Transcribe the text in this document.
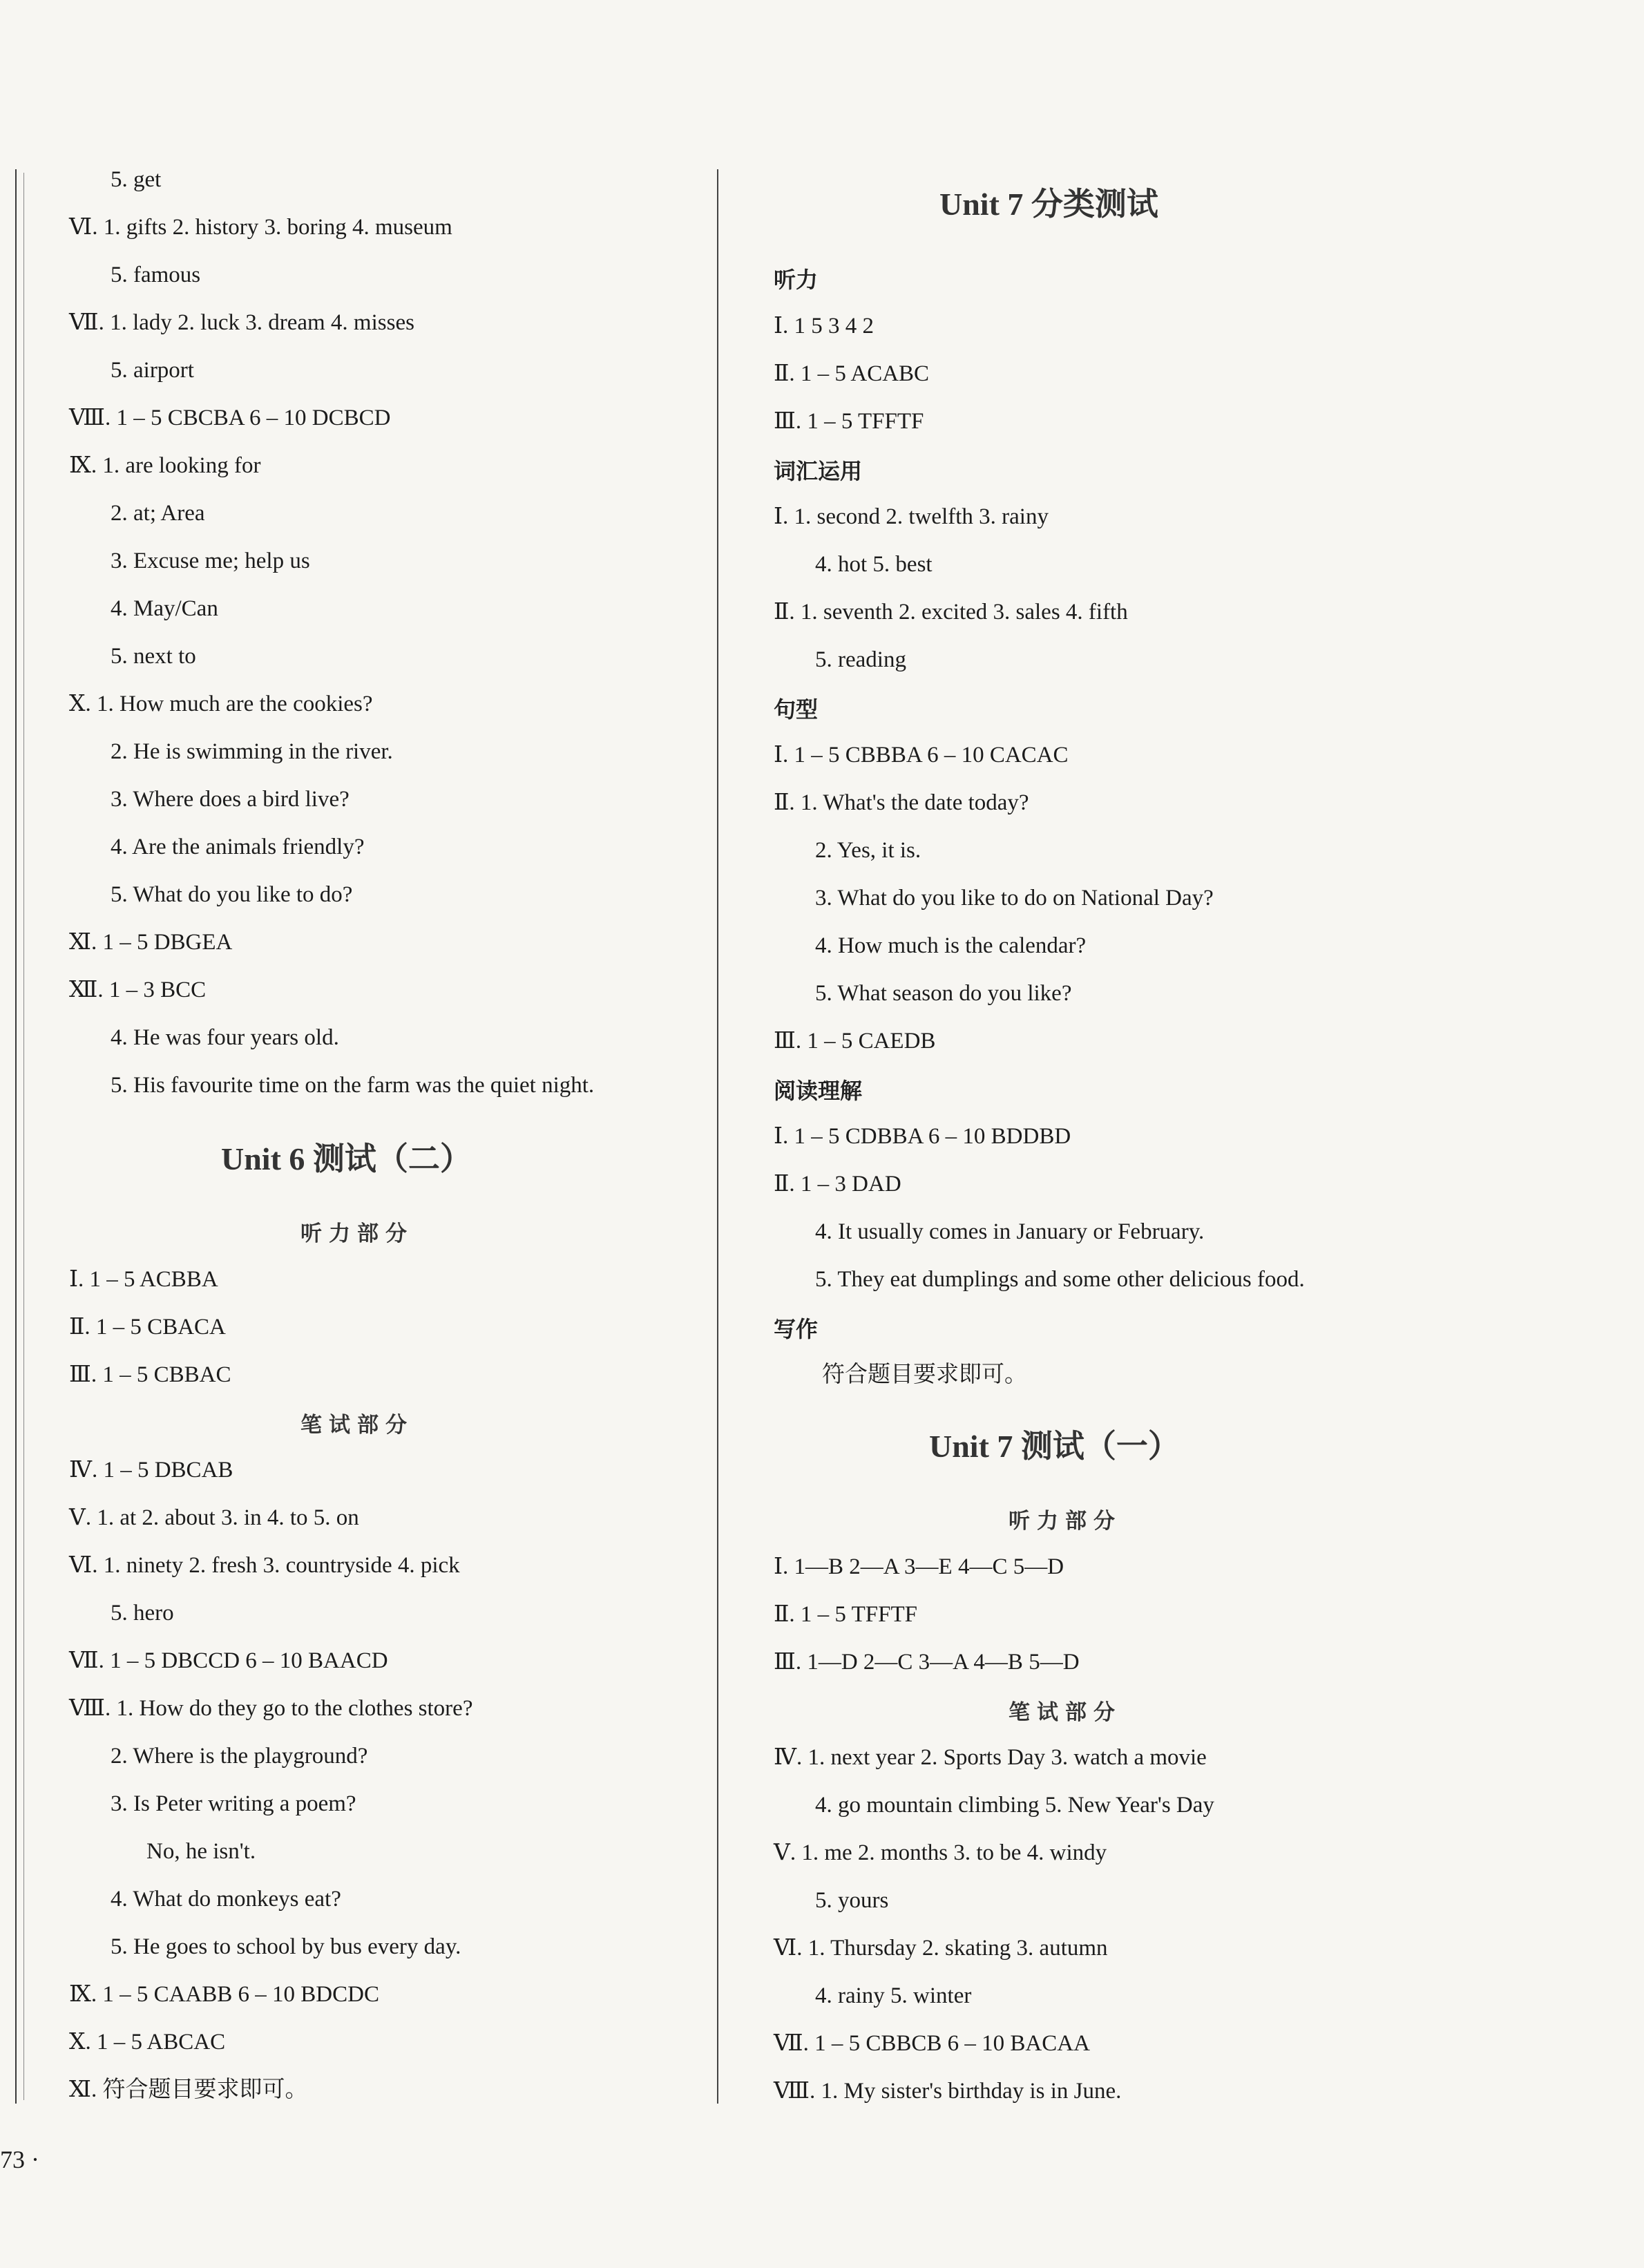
5. get
Ⅵ. 1. gifts 2. history 3. boring 4. museum
5. famous
Ⅶ. 1. lady 2. luck 3. dream 4. misses
5. airport
Ⅷ. 1 – 5 CBCBA 6 – 10 DCBCD
Ⅸ. 1. are looking for
2. at; Area
3. Excuse me; help us
4. May/Can
5. next to
Ⅹ. 1. How much are the cookies?
2. He is swimming in the river.
3. Where does a bird live?
4. Are the animals friendly?
5. What do you like to do?
Ⅺ. 1 – 5 DBGEA
Ⅻ. 1 – 3 BCC
4. He was four years old.
5. His favourite time on the farm was the quiet night.
Unit 6 测试（二）
听力部分
Ⅰ. 1 – 5 ACBBA
Ⅱ. 1 – 5 CBACA
Ⅲ. 1 – 5 CBBAC
笔试部分
Ⅳ. 1 – 5 DBCAB
Ⅴ. 1. at 2. about 3. in 4. to 5. on
Ⅵ. 1. ninety 2. fresh 3. countryside 4. pick
5. hero
Ⅶ. 1 – 5 DBCCD 6 – 10 BAACD
Ⅷ. 1. How do they go to the clothes store?
2. Where is the playground?
3. Is Peter writing a poem?
No, he isn't.
4. What do monkeys eat?
5. He goes to school by bus every day.
Ⅸ. 1 – 5 CAABB 6 – 10 BDCDC
Ⅹ. 1 – 5 ABCAC
Ⅺ. 符合题目要求即可。
Unit 7 分类测试
听力
Ⅰ. 1 5 3 4 2
Ⅱ. 1 – 5 ACABC
Ⅲ. 1 – 5 TFFTF
词汇运用
Ⅰ. 1. second 2. twelfth 3. rainy
4. hot 5. best
Ⅱ. 1. seventh 2. excited 3. sales 4. fifth
5. reading
句型
Ⅰ. 1 – 5 CBBBA 6 – 10 CACAC
Ⅱ. 1. What's the date today?
2. Yes, it is.
3. What do you like to do on National Day?
4. How much is the calendar?
5. What season do you like?
Ⅲ. 1 – 5 CAEDB
阅读理解
Ⅰ. 1 – 5 CDBBA 6 – 10 BDDBD
Ⅱ. 1 – 3 DAD
4. It usually comes in January or February.
5. They eat dumplings and some other delicious food.
写作
符合题目要求即可。
Unit 7 测试（一）
听力部分
Ⅰ. 1—B 2—A 3—E 4—C 5—D
Ⅱ. 1 – 5 TFFTF
Ⅲ. 1—D 2—C 3—A 4—B 5—D
笔试部分
Ⅳ. 1. next year 2. Sports Day 3. watch a movie
4. go mountain climbing 5. New Year's Day
Ⅴ. 1. me 2. months 3. to be 4. windy
5. yours
Ⅵ. 1. Thursday 2. skating 3. autumn
4. rainy 5. winter
Ⅶ. 1 – 5 CBBCB 6 – 10 BACAA
Ⅷ. 1. My sister's birthday is in June.
73 ·
